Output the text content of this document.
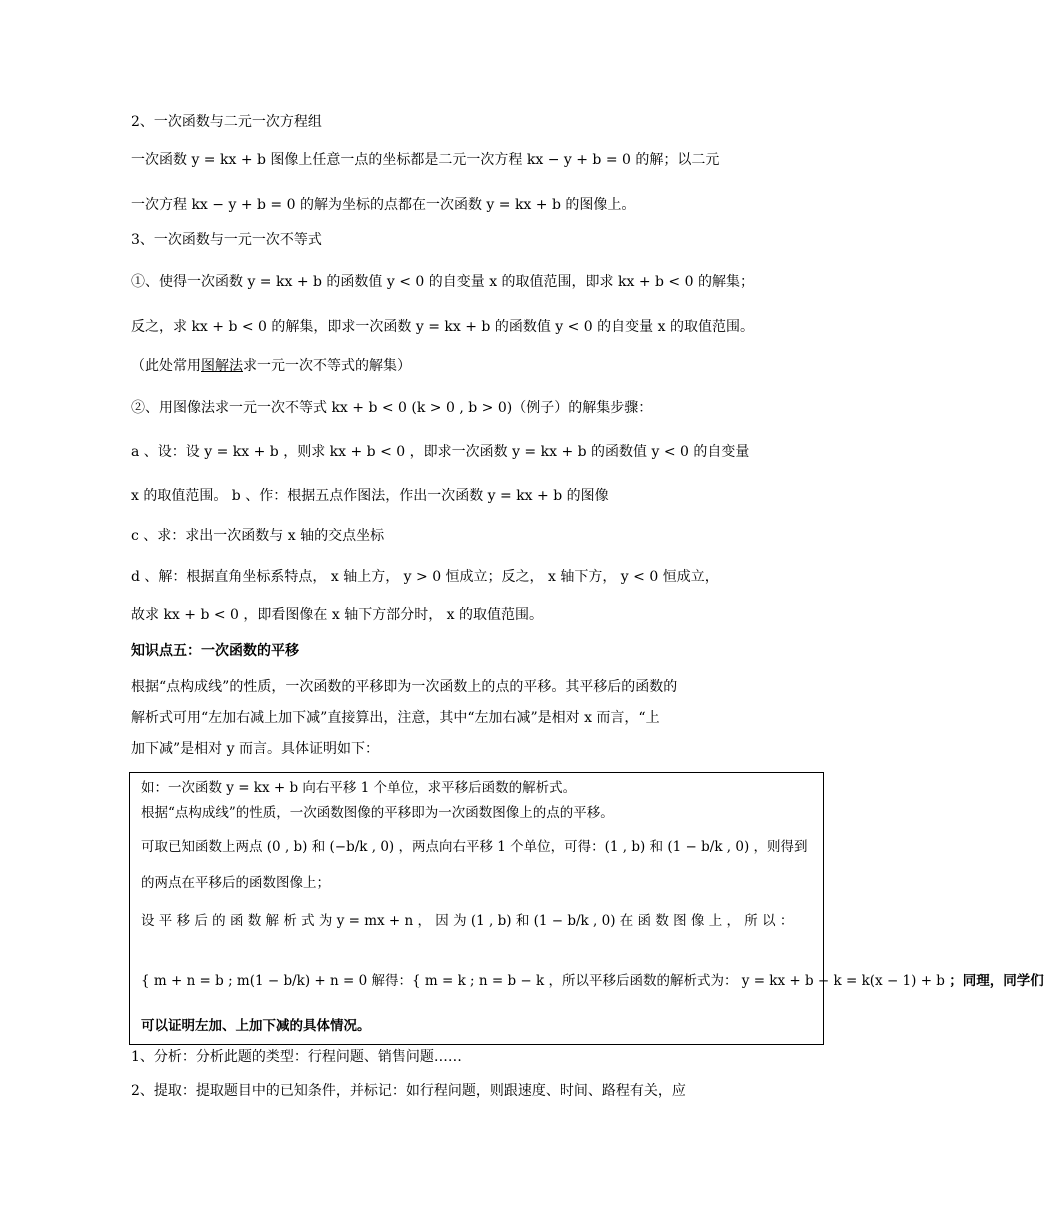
2、一次函数与二元一次方程组
一次函数 y = kx + b 图像上任意一点的坐标都是二元一次方程 kx − y + b = 0 的解；以二元
一次方程 kx − y + b = 0 的解为坐标的点都在一次函数 y = kx + b 的图像上。
3、一次函数与一元一次不等式
①、使得一次函数 y = kx + b 的函数值 y < 0 的自变量 x 的取值范围，即求 kx + b < 0 的解集；
反之，求 kx + b < 0 的解集，即求一次函数 y = kx + b 的函数值 y < 0 的自变量 x 的取值范围。
（此处常用图解法求一元一次不等式的解集）
②、用图像法求一元一次不等式 kx + b < 0 (k > 0 , b > 0)（例子）的解集步骤：
a 、设：设 y = kx + b ，则求 kx + b < 0 ，即求一次函数 y = kx + b 的函数值 y < 0 的自变量
x 的取值范围。 b 、作：根据五点作图法，作出一次函数 y = kx + b 的图像
c 、求：求出一次函数与 x 轴的交点坐标
d 、解：根据直角坐标系特点， x 轴上方， y > 0 恒成立；反之， x 轴下方， y < 0 恒成立，
故求 kx + b < 0 ，即看图像在 x 轴下方部分时， x 的取值范围。
知识点五：一次函数的平移
根据“点构成线”的性质，一次函数的平移即为一次函数上的点的平移。其平移后的函数的
解析式可用“左加右减上加下减”直接算出，注意，其中“左加右减”是相对 x 而言，“上
加下减”是相对 y 而言。具体证明如下：
如：一次函数 y = kx + b 向右平移 1 个单位，求平移后函数的解析式。
根据“点构成线”的性质，一次函数图像的平移即为一次函数图像上的点的平移。
可取已知函数上两点 (0 , b) 和 (−b/k , 0) ，两点向右平移 1 个单位，可得：(1 , b) 和 (1 − b/k , 0) ，则得到
的两点在平移后的函数图像上；
设 平 移 后 的 函 数 解 析 式 为 y = mx + n ， 因 为 (1 , b) 和 (1 − b/k , 0) 在 函 数 图 像 上 ， 所 以 ：
{ m + n = b ; m(1 − b/k) + n = 0 解得：{ m = k ; n = b − k ，所以平移后函数的解析式为： y = kx + b − k = k(x − 1) + b ；同理，同学们
可以证明左加、上加下减的具体情况。
1、分析：分析此题的类型：行程问题、销售问题……
2、提取：提取题目中的已知条件，并标记：如行程问题，则跟速度、时间、路程有关，应
